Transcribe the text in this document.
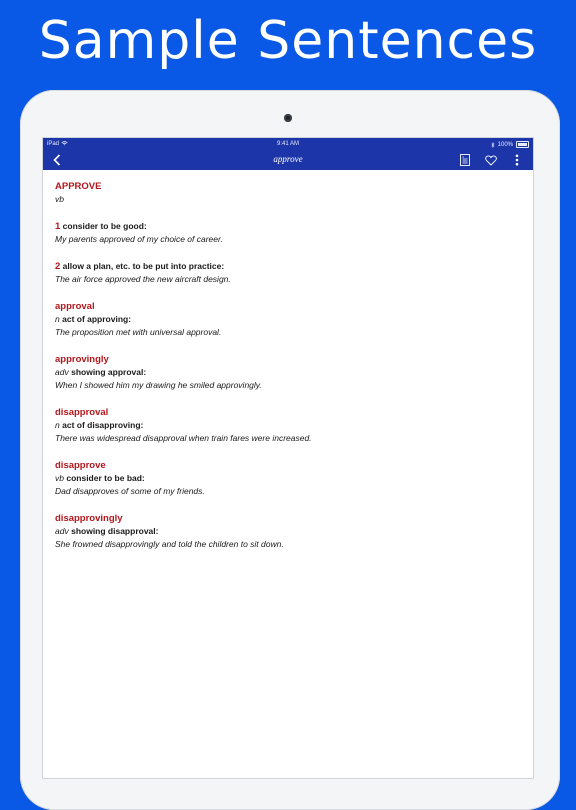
Sample Sentences
iPad	9:41 AM	100%
approve
APPROVE
vb
1 consider to be good:
My parents approved of my choice of career.
2 allow a plan, etc. to be put into practice:
The air force approved the new aircraft design.
approval
n act of approving:
The proposition met with universal approval.
approvingly
adv showing approval:
When I showed him my drawing he smiled approvingly.
disapproval
n act of disapproving:
There was widespread disapproval when train fares were increased.
disapprove
vb consider to be bad:
Dad disapproves of some of my friends.
disapprovingly
adv showing disapproval:
She frowned disapprovingly and told the children to sit down.
